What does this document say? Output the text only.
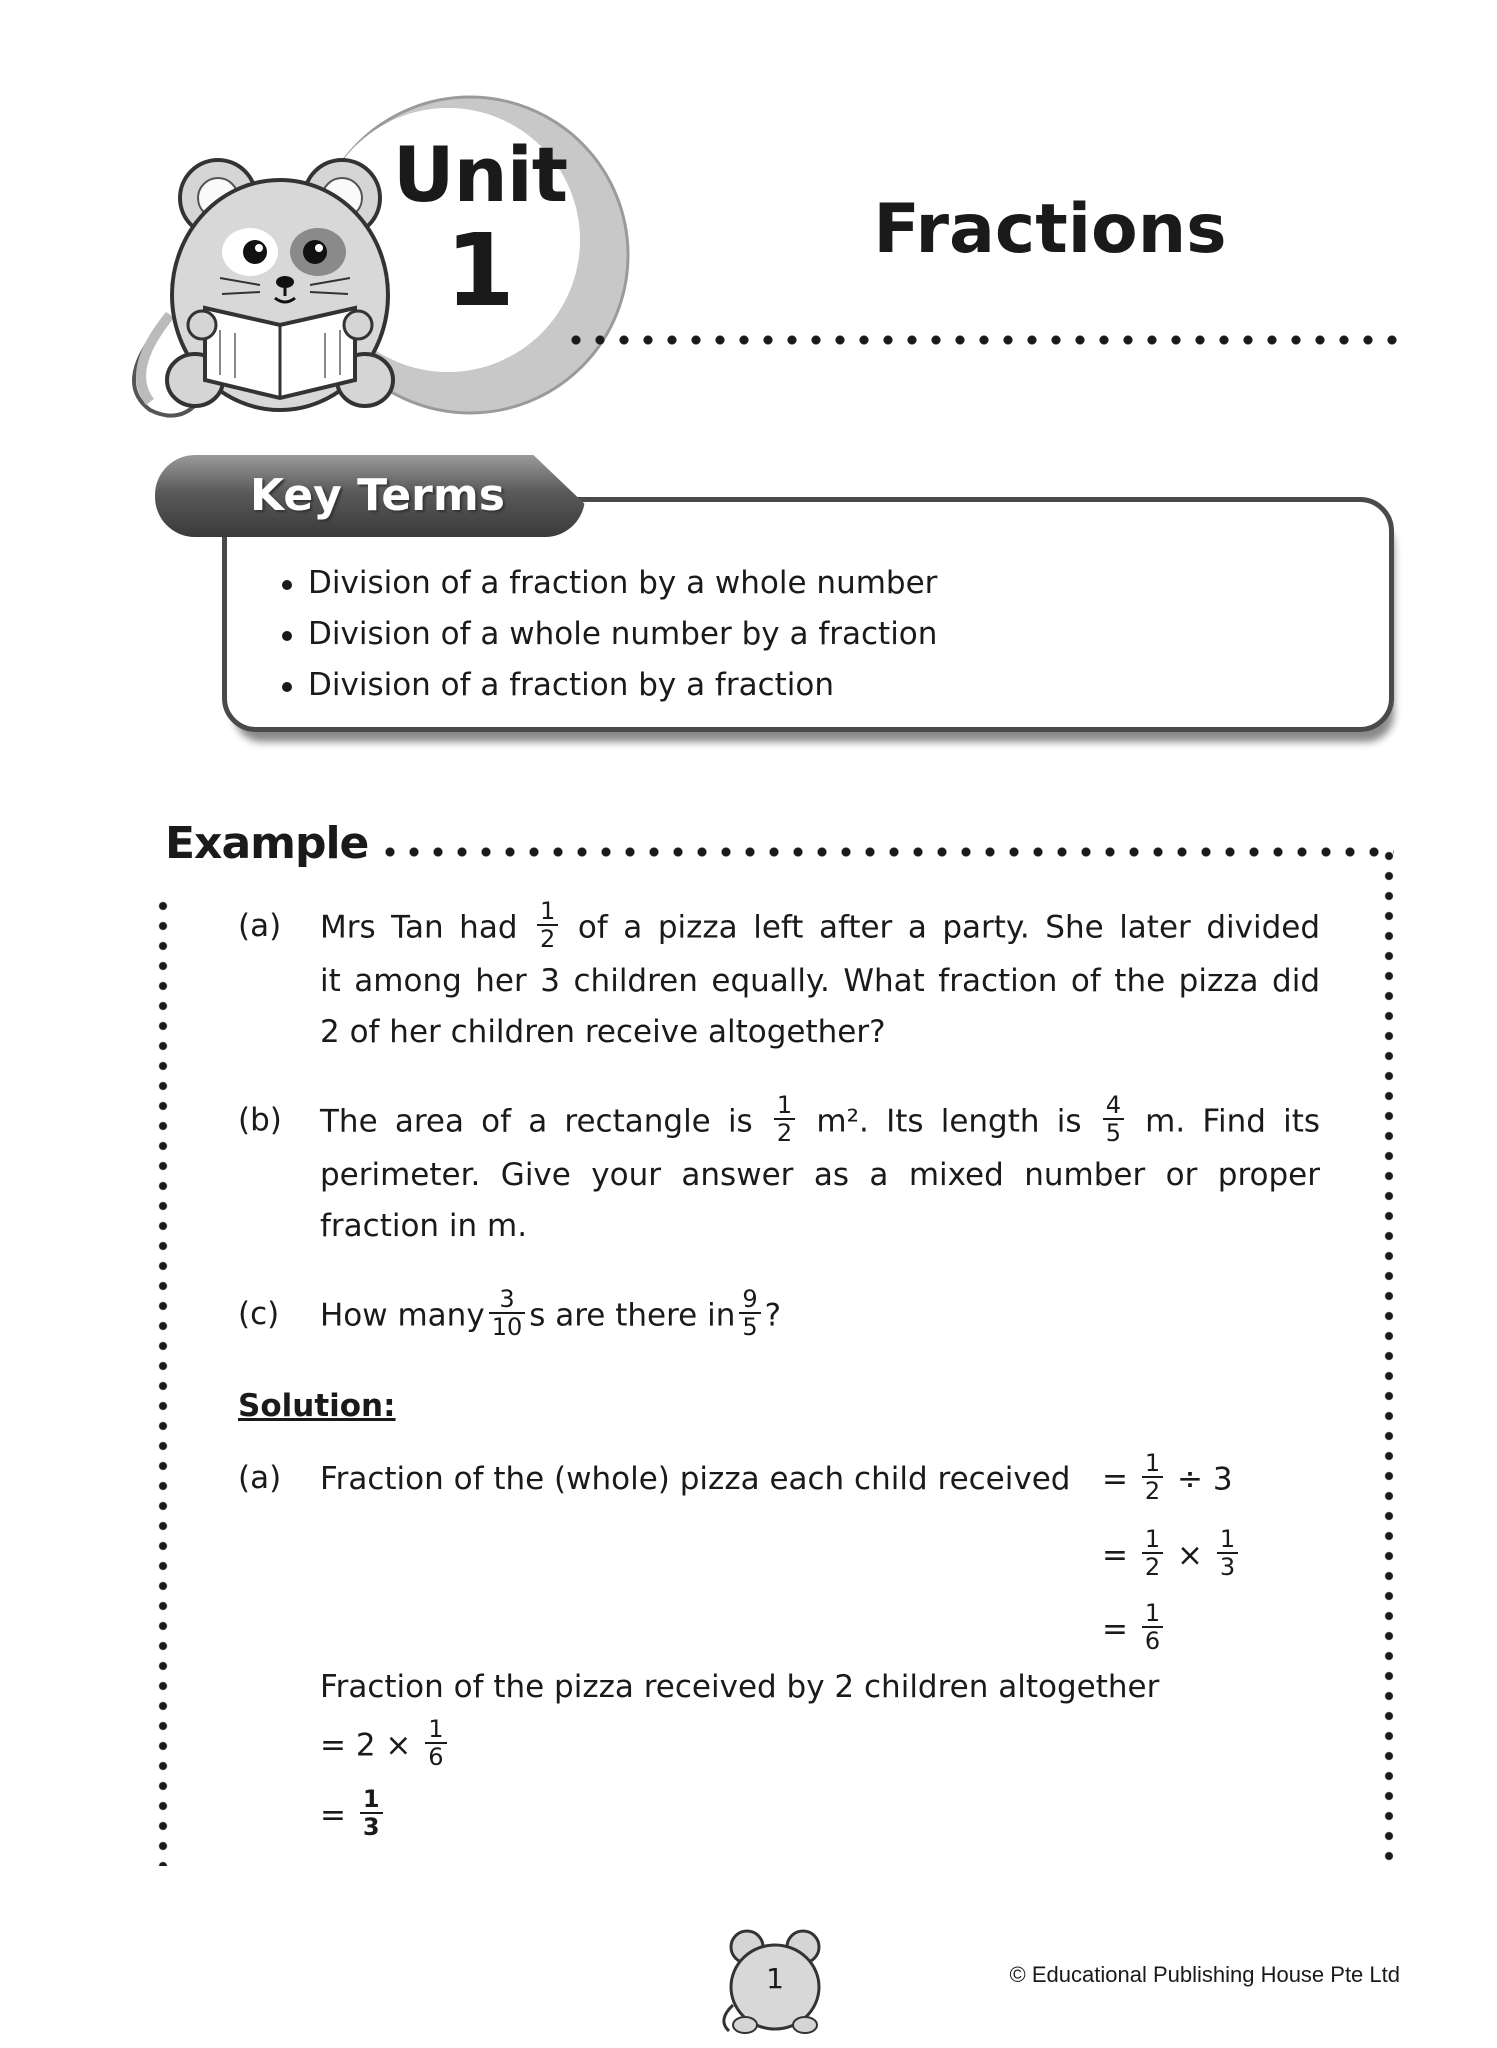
Unit
1	Fractions
Key Terms
Division of a fraction by a whole number
Division of a whole number by a fraction
Division of a fraction by a fraction
Example
(a) Mrs Tan had $\frac{1}{2}$ of a pizza left after a party. She later divided
it among her 3 children equally. What fraction of the pizza did
2 of her children receive altogether?
(b) The area of a rectangle is $\frac{1}{2} m^2$. Its length is $\frac{4}{5} m$. Find its
perimeter. Give your answer as a mixed number or proper
fraction in m.
(c) How many $\frac{3}{10}$ s are there in $\frac{9}{5}$ ?
Solution:
(a) Fraction of the (whole) pizza each child received = $\frac{1}{2} \div 3$
= $\frac{1}{2} \times \frac{1}{3}$
= $\frac{1}{6}$
Fraction of the pizza received by 2 children altogether
= $2 \times \frac{1}{6}$
= $\frac{1}{3}$
1	© Educational Publishing House Pte Ltd
